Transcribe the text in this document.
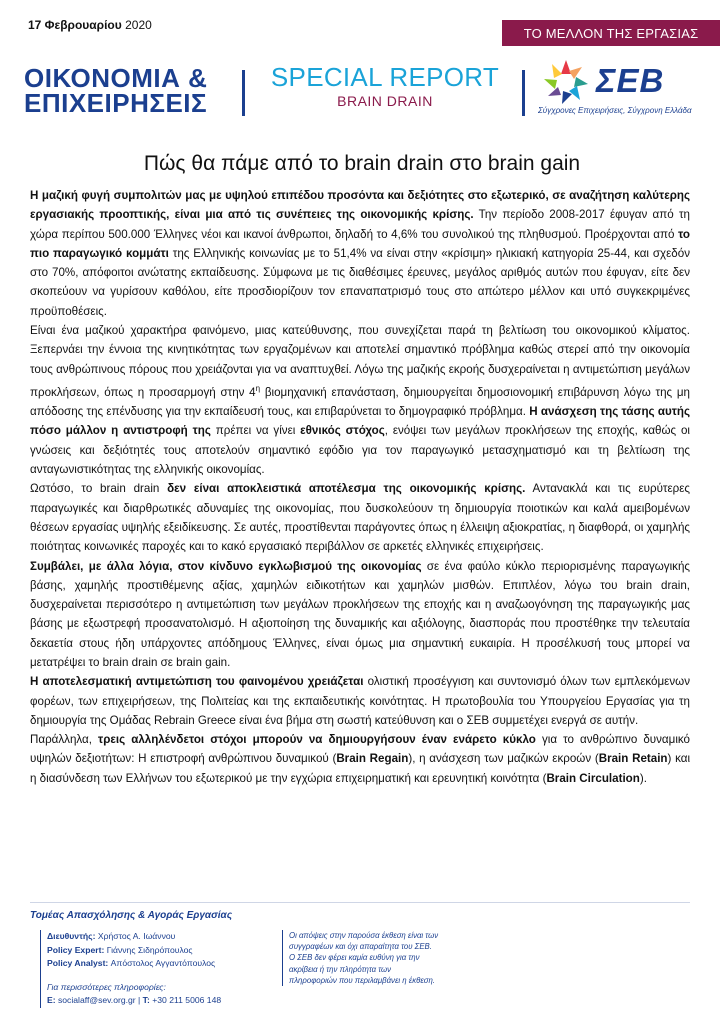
17 Φεβρουαρίου 2020
ΤΟ ΜΕΛΛΟΝ ΤΗΣ ΕΡΓΑΣΙΑΣ
ΟΙΚΟΝΟΜΙΑ &
ΕΠΙΧΕΙΡΗΣΕΙΣ
SPECIAL REPORT
BRAIN DRAIN
ΣΕΒ
Σύγχρονες Επιχειρήσεις, Σύγχρονη Ελλάδα
Πώς θα πάμε από το brain drain στο brain gain

Η μαζική φυγή συμπολιτών μας με υψηλού επιπέδου προσόντα και δεξιότητες στο εξωτερικό, σε αναζήτηση καλύτερης εργασιακής προοπτικής, είναι μια από τις συνέπειες της οικονομικής κρίσης. Την περίοδο 2008-2017 έφυγαν από τη χώρα περίπου 500.000 Έλληνες νέοι και ικανοί άνθρωποι, δηλαδή το 4,6% του συνολικού της πληθυσμού. Προέρχονται από το πιο παραγωγικό κομμάτι της Ελληνικής κοινωνίας με το 51,4% να είναι στην «κρίσιμη» ηλικιακή κατηγορία 25-44, και σχεδόν στο 70%, απόφοιτοι ανώτατης εκπαίδευσης. Σύμφωνα με τις διαθέσιμες έρευνες, μεγάλος αριθμός αυτών που έφυγαν, είτε δεν σκοπεύουν να γυρίσουν καθόλου, είτε προσδιορίζουν τον επαναπατρισμό τους στο απώτερο μέλλον και υπό συγκεκριμένες προϋποθέσεις.

Είναι ένα μαζικού χαρακτήρα φαινόμενο, μιας κατεύθυνσης, που συνεχίζεται παρά τη βελτίωση του οικονομικού κλίματος. Ξεπερνάει την έννοια της κινητικότητας των εργαζομένων και αποτελεί σημαντικό πρόβλημα καθώς στερεί από την οικονομία τους ανθρώπινους πόρους που χρειάζονται για να αναπτυχθεί. Λόγω της μαζικής εκροής δυσχεραίνεται η αντιμετώπιση μεγάλων προκλήσεων, όπως η προσαρμογή στην $4^\eta$ βιομηχανική επανάσταση, δημιουργείται δημοσιονομική επιβάρυνση λόγω της μη απόδοσης της επένδυσης για την εκπαίδευσή τους, και επιβαρύνεται το δημογραφικό πρόβλημα. Η ανάσχεση της τάσης αυτής πόσο μάλλον η αντιστροφή της πρέπει να γίνει εθνικός στόχος, ενόψει των μεγάλων προκλήσεων της εποχής, καθώς οι γνώσεις και δεξιότητές τους αποτελούν σημαντικό εφόδιο για τον παραγωγικό μετασχηματισμό και τη βελτίωση της ανταγωνιστικότητας της ελληνικής οικονομίας.

Ωστόσο, το brain drain δεν είναι αποκλειστικά αποτέλεσμα της οικονομικής κρίσης. Αντανακλά και τις ευρύτερες παραγωγικές και διαρθρωτικές αδυναμίες της οικονομίας, που δυσκολεύουν τη δημιουργία ποιοτικών και καλά αμειβομένων θέσεων εργασίας υψηλής εξειδίκευσης. Σε αυτές, προστίθενται παράγοντες όπως η έλλειψη αξιοκρατίας, η διαφθορά, οι χαμηλής ποιότητας κοινωνικές παροχές και το κακό εργασιακό περιβάλλον σε αρκετές ελληνικές επιχειρήσεις.

Συμβάλει, με άλλα λόγια, στον κίνδυνο εγκλωβισμού της οικονομίας σε ένα φαύλο κύκλο περιορισμένης παραγωγικής βάσης, χαμηλής προστιθέμενης αξίας, χαμηλών ειδικοτήτων και χαμηλών μισθών. Επιπλέον, λόγω του brain drain, δυσχεραίνεται περισσότερο η αντιμετώπιση των μεγάλων προκλήσεων της εποχής και η αναζωογόνηση της παραγωγικής μας βάσης με εξωστρεφή προσανατολισμό. Η αξιοποίηση της δυναμικής και αξιόλογης, διασποράς που προστέθηκε την τελευταία δεκαετία στους ήδη υπάρχοντες απόδημους Έλληνες, είναι όμως μια σημαντική ευκαιρία. Η προσέλκυσή τους μπορεί να μετατρέψει το brain drain σε brain gain.

Η αποτελεσματική αντιμετώπιση του φαινομένου χρειάζεται ολιστική προσέγγιση και συντονισμό όλων των εμπλεκόμενων φορέων, των επιχειρήσεων, της Πολιτείας και της εκπαιδευτικής κοινότητας. Η πρωτοβουλία του Υπουργείου Εργασίας για τη δημιουργία της Ομάδας Rebrain Greece είναι ένα βήμα στη σωστή κατεύθυνση και ο ΣΕΒ συμμετέχει ενεργά σε αυτήν.

Παράλληλα, τρεις αλληλένδετοι στόχοι μπορούν να δημιουργήσουν έναν ενάρετο κύκλο για το ανθρώπινο δυναμικό υψηλών δεξιοτήτων: Η επιστροφή ανθρώπινου δυναμικού (Brain Regain), η ανάσχεση των μαζικών εκροών (Brain Retain) και η διασύνδεση των Ελλήνων του εξωτερικού με την εγχώρια επιχειρηματική και ερευνητική κοινότητα (Brain Circulation).

Τομέας Απασχόλησης & Αγοράς Εργασίας
Διευθυντής: Χρήστος Α. Ιωάννου
Policy Expert: Γιάννης Σιδηρόπουλος
Policy Analyst: Απόστολος Αγγαντόπουλος
Για περισσότερες πληροφορίες:
E: socialaff@sev.org.gr | T: +30 211 5006 148
Οι απόψεις στην παρούσα έκθεση είναι των συγγραφέων και όχι απαραίτητα του ΣΕΒ. Ο ΣΕΒ δεν φέρει καμία ευθύνη για την ακρίβεια ή την πληρότητα των πληροφοριών που περιλαμβάνει η έκθεση.
